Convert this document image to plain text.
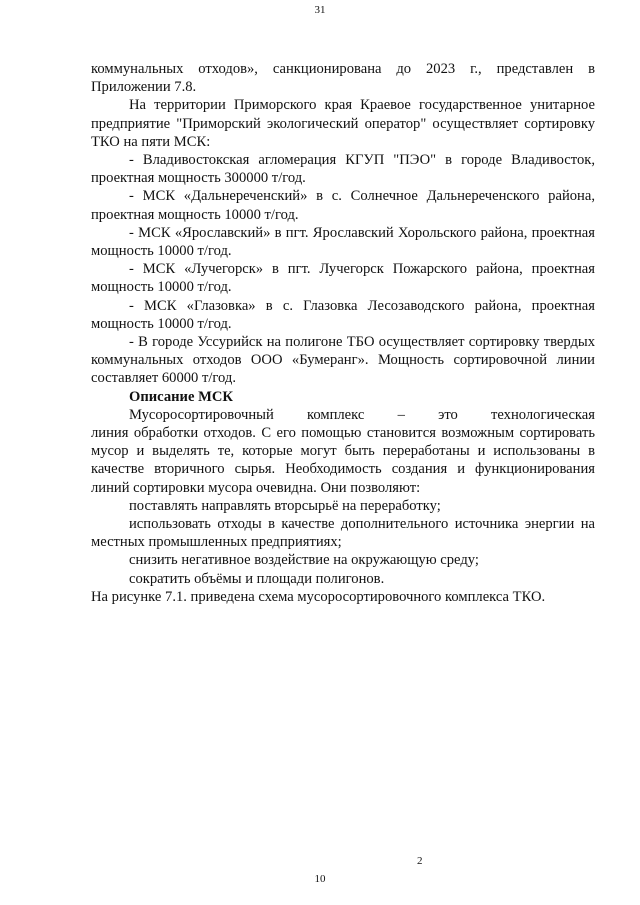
31

коммунальных отходов», санкционирована до 2023 г., представлен в Приложении 7.8.

На территории Приморского края Краевое государственное унитарное предприятие "Приморский экологический оператор" осуществляет сортировку ТКО на пяти МСК:

- Владивостокская агломерация КГУП "ПЭО" в городе Владивосток, проектная мощность 300000 т/год.

- МСК «Дальнереченский» в с. Солнечное Дальнереченского района, проектная мощность 10000 т/год.

- МСК «Ярославский» в пгт. Ярославский Хорольского района, проектная мощность 10000 т/год.

- МСК «Лучегорск» в пгт. Лучегорск Пожарского района, проектная мощность 10000 т/год.

- МСК «Глазовка» в с. Глазовка Лесозаводского района, проектная мощность 10000 т/год.

- В городе Уссурийск на полигоне ТБО осуществляет сортировку твердых коммунальных отходов ООО «Бумеранг». Мощность сортировочной линии составляет 60000 т/год.

Описание МСК

Мусоросортировочный комплекс – это технологическая

линия обработки отходов. С его помощью становится возможным сортировать мусор и выделять те, которые могут быть переработаны и использованы в качестве вторичного сырья. Необходимость создания и функционирования линий сортировки мусора очевидна. Они позволяют:

поставлять направлять вторсырьё на переработку;

использовать отходы в качестве дополнительного источника энергии на местных промышленных предприятиях;

снизить негативное воздействие на окружающую среду;

сократить объёмы и площади полигонов.

На рисунке 7.1. приведена схема мусоросортировочного комплекса ТКО.

2
10
